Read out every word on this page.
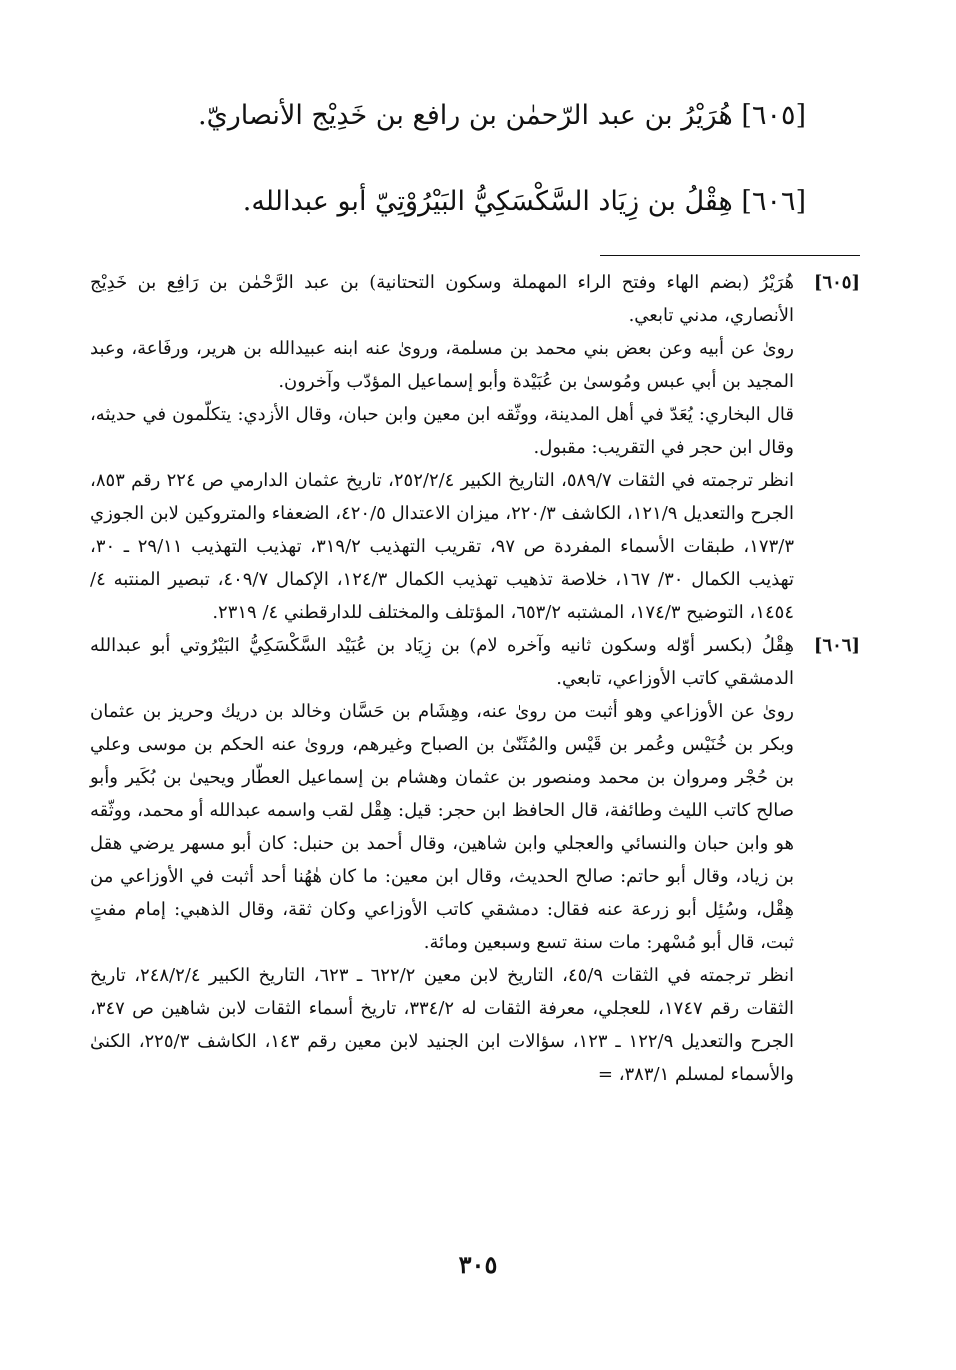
[٦٠٥] هُرَيْرُ بن عبد الرّحمٰن بن رافع بن خَدِيْج الأنصاريّ.
[٦٠٦] هِقْلُ بن زِيَاد السَّكْسَكِيُّ البَيْرُوْتِيّ أبو عبدالله.
[٦٠٥]

هُرَيْرُ (بضم الهاء وفتح الراء المهملة وسكون التحتانية) بن عبد الرَّحْمٰن بن رَافِع بن خَدِيْج الأنصاري، مدني تابعي.

روىٰ عن أبيه وعن بعض بني محمد بن مسلمة، وروىٰ عنه ابنه عبيدالله بن هرير، ورفَاعة، وعبد المجيد بن أبي عبس ومُوسىٰ بن عُبَيْدة وأبو إسماعيل المؤدّب وآخرون.

قال البخاري: يُعَدّ في أهل المدينة، ووثّقه ابن معين وابن حبان، وقال الأزدي: يتكلّمون في حديثه، وقال ابن حجر في التقريب: مقبول.

انظر ترجمته في الثقات ٥٨٩/٧، التاريخ الكبير ٢٥٢/٢/٤، تاريخ عثمان الدارمي ص ٢٢٤ رقم ٨٥٣، الجرح والتعديل ١٢١/٩، الكاشف ٢٢٠/٣، ميزان الاعتدال ٤٢٠/٥، الضعفاء والمتروكين لابن الجوزي ١٧٣/٣، طبقات الأسماء المفردة ص ٩٧، تقريب التهذيب ٣١٩/٢، تهذيب التهذيب ٢٩/١١ ـ ٣٠، تهذيب الكمال ٣٠/ ١٦٧، خلاصة تذهيب تهذيب الكمال ١٢٤/٣، الإكمال ٤٠٩/٧، تبصير المنتبه ٤/ ١٤٥٤، التوضيح ١٧٤/٣، المشتبه ٦٥٣/٢، المؤتلف والمختلف للدارقطني ٤/ ٢٣١٩.

[٦٠٦]

هِقْلُ (بكسر أوّله وسكون ثانيه وآخره لام) بن زِيَاد بن عُبَيْد السَّكْسَكِيُّ البَيْرُوتي أبو عبدالله الدمشقي كاتب الأوزاعي، تابعي.

روىٰ عن الأوزاعي وهو أثبت من روىٰ عنه، وهِشَام بن حَسَّان وخالد بن دريك وحريز بن عثمان وبكر بن خُنَيْس وعُمر بن قَيْس والمُثَنّىٰ بن الصباح وغيرهم، وروىٰ عنه الحكم بن موسى وعلي بن حُجْر ومروان بن محمد ومنصور بن عثمان وهشام بن إسماعيل العطّار ويحيىٰ بن بُكَير وأبو صالح كاتب الليث وطائفة، قال الحافظ ابن حجر: قيل: هِقْل لقب واسمه عبدالله أو محمد، ووثّقه هو وابن حبان والنسائي والعجلي وابن شاهين، وقال أحمد بن حنبل: كان أبو مسهر يرضي هقل بن زياد، وقال أبو حاتم: صالح الحديث، وقال ابن معين: ما كان هٰهُنا أحد أثبت في الأوزاعي من هِقْل، وسُئِل أبو زرعة عنه فقال: دمشقي كاتب الأوزاعي وكان ثقة، وقال الذهبي: إمام مفتٍ ثبت، قال أبو مُسْهر: مات سنة تسع وسبعين ومائة.

انظر ترجمته في الثقات ٤٥/٩، التاريخ لابن معين ٦٢٢/٢ ـ ٦٢٣، التاريخ الكبير ٢٤٨/٢/٤، تاريخ الثقات رقم ١٧٤٧، للعجلي، معرفة الثقات له ٣٣٤/٢، تاريخ أسماء الثقات لابن شاهين ص ٣٤٧، الجرح والتعديل ١٢٢/٩ ـ ١٢٣، سؤالات ابن الجنيد لابن معين رقم ١٤٣، الكاشف ٢٢٥/٣، الكنىٰ والأسماء لمسلم ٣٨٣/١، =

٣٠٥
